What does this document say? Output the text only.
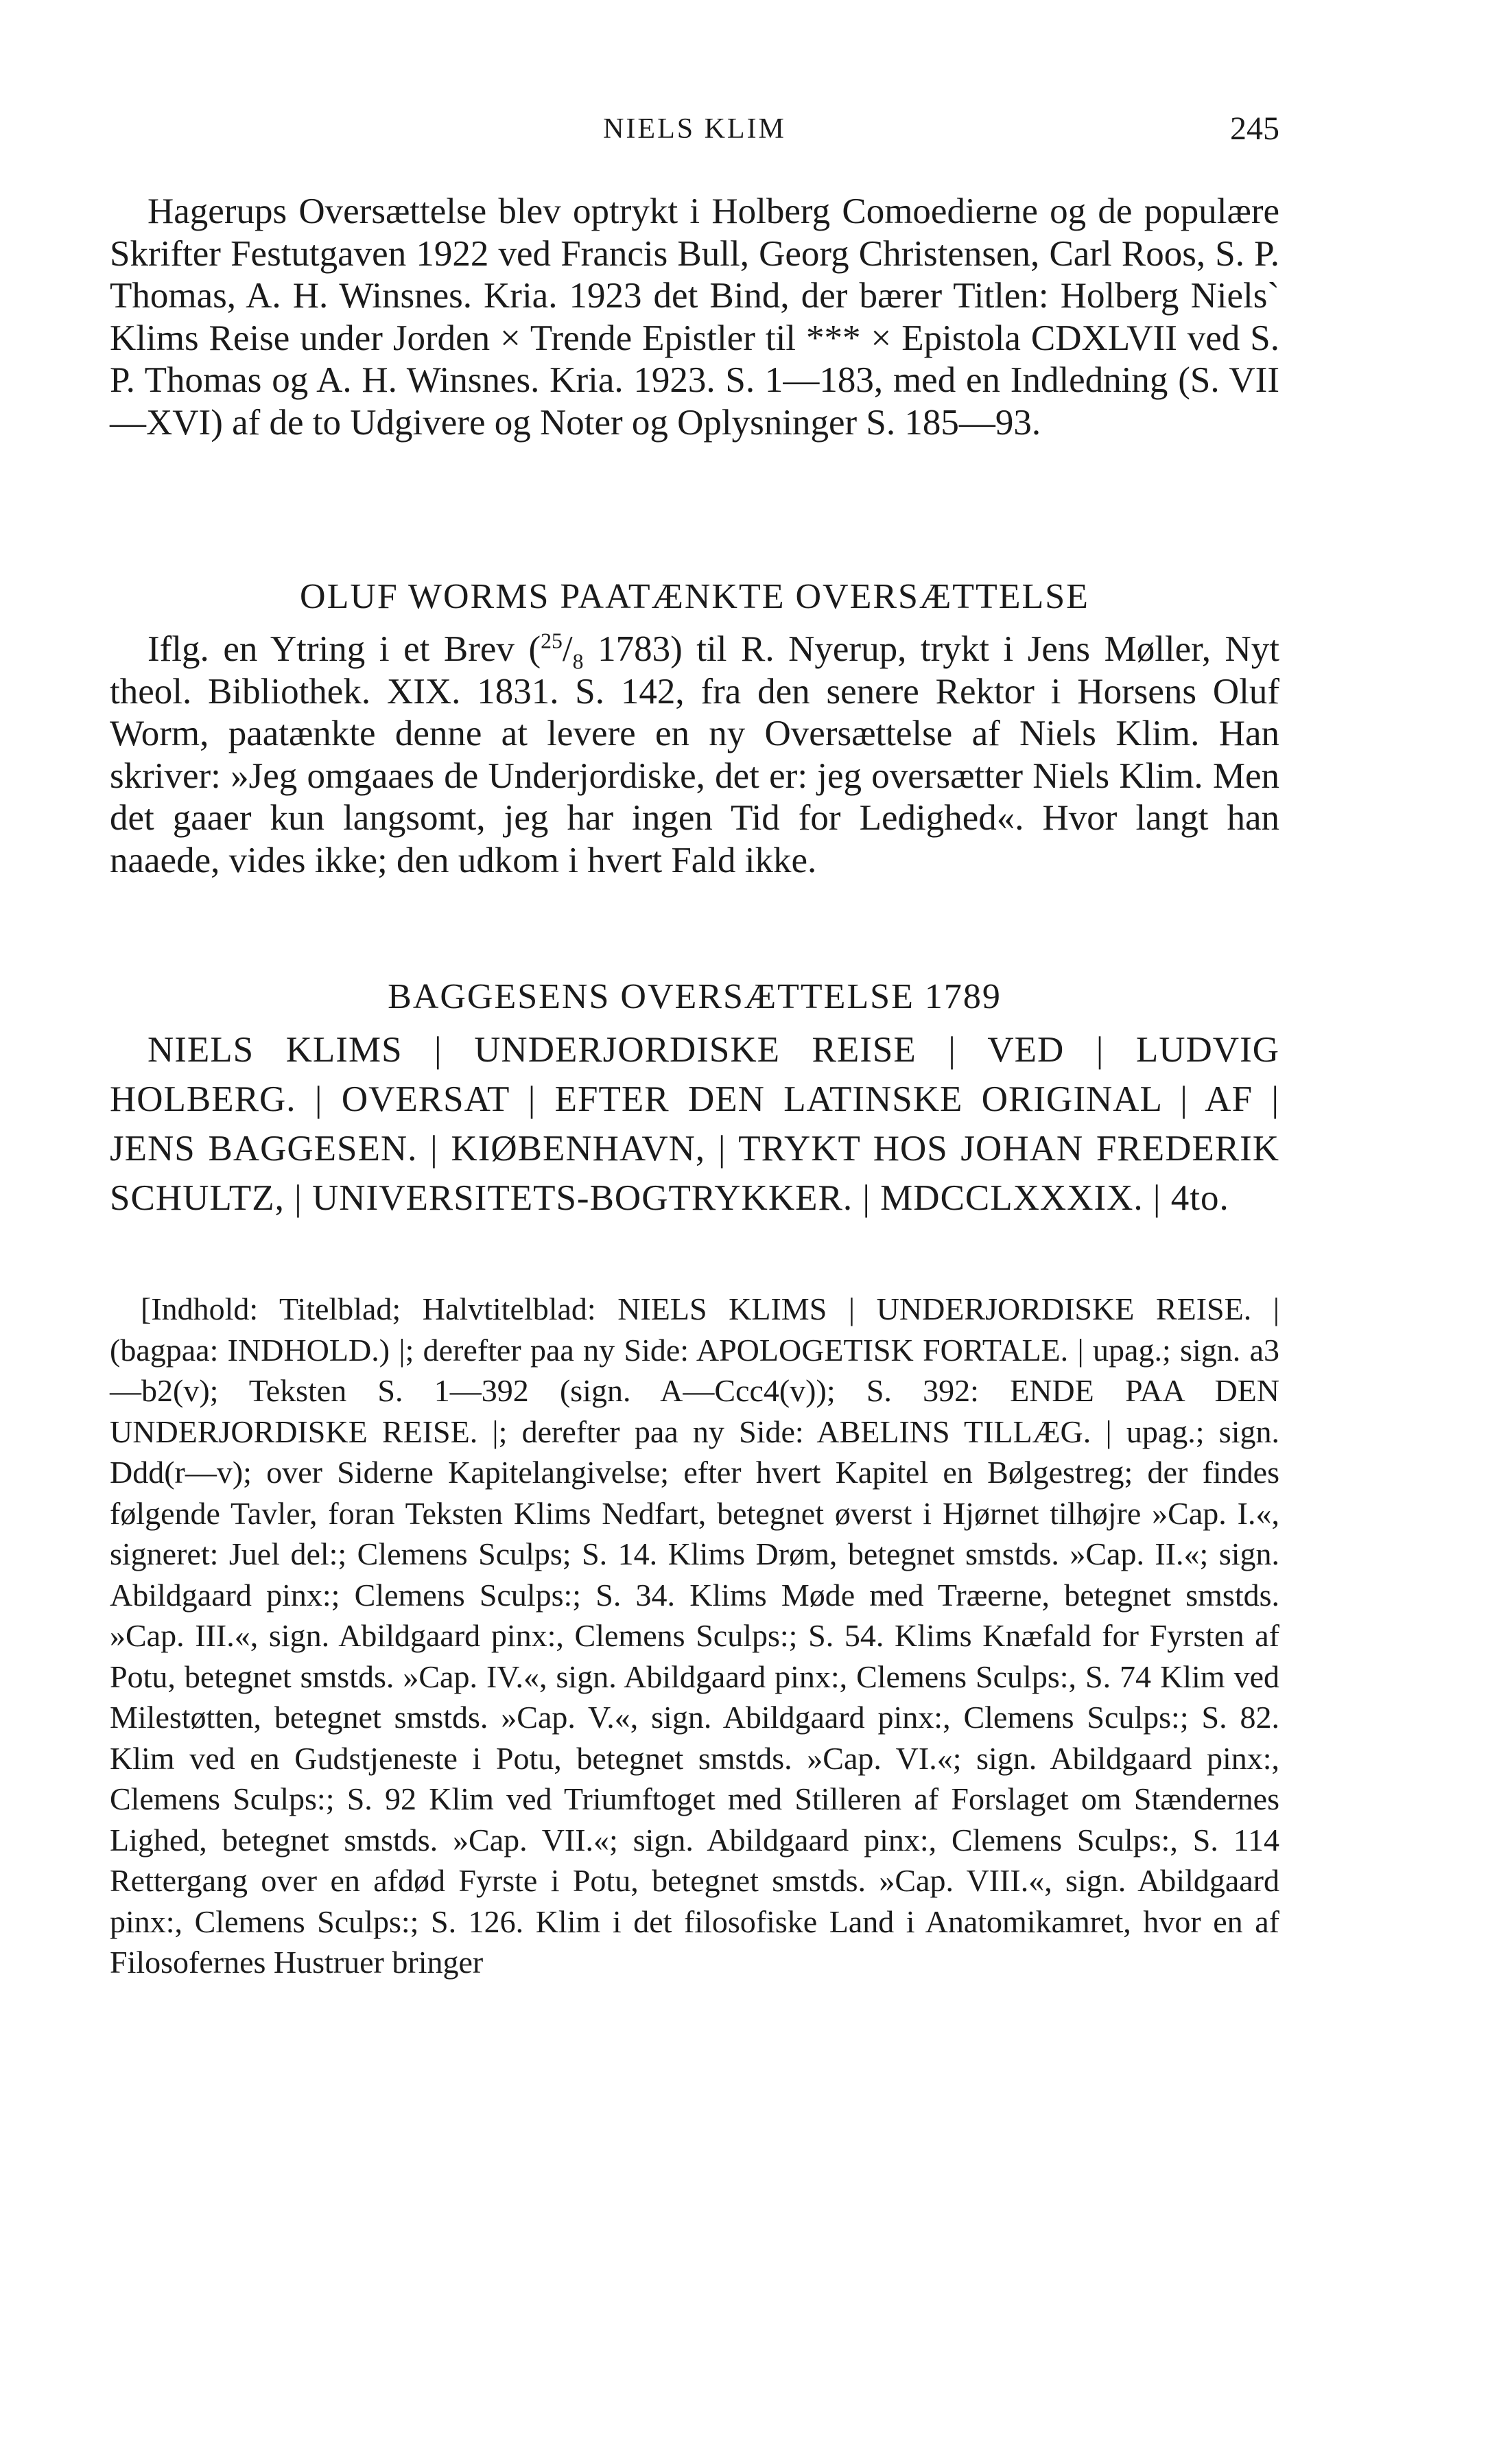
NIELS KLIM	245

Hagerups Oversættelse blev optrykt i Holberg Comoedierne og de populære Skrifter Festutgaven 1922 ved Francis Bull, Georg Christensen, Carl Roos, S. P. Thomas, A. H. Winsnes. Kria. 1923 det Bind, der bærer Titlen: Holberg Niels` Klims Reise under Jorden × Trende Epistler til *** × Epistola CDXLVII ved S. P. Thomas og A. H. Winsnes. Kria. 1923. S. 1—183, med en Indledning (S. VII—XVI) af de to Udgivere og Noter og Oplysninger S. 185—93.

OLUF WORMS PAATÆNKTE OVERSÆTTELSE

Iflg. en Ytring i et Brev ($^{25}/_8$ 1783) til R. Nyerup, trykt i Jens Møller, Nyt theol. Bibliothek. XIX. 1831. S. 142, fra den senere Rektor i Horsens Oluf Worm, paatænkte denne at levere en ny Oversættelse af Niels Klim. Han skriver: »Jeg omgaaes de Underjordiske, det er: jeg oversætter Niels Klim. Men det gaaer kun langsomt, jeg har ingen Tid for Ledighed«. Hvor langt han naaede, vides ikke; den udkom i hvert Fald ikke.

BAGGESENS OVERSÆTTELSE 1789

NIELS KLIMS | UNDERJORDISKE REISE | VED | LUDVIG HOLBERG. | OVERSAT | EFTER DEN LATINSKE ORIGINAL | AF | JENS BAGGESEN. | KIØBENHAVN, | TRYKT HOS JOHAN FREDERIK SCHULTZ, | UNIVERSITETS-BOGTRYKKER. | MDCCLXXXIX. | 4to.

[Indhold: Titelblad; Halvtitelblad: NIELS KLIMS | UNDERJORDISKE REISE. | (bagpaa: INDHOLD.) |; derefter paa ny Side: APOLOGETISK FORTALE. | upag.; sign. a3—b2(v); Teksten S. 1—392 (sign. A—Ccc4(v)); S. 392: ENDE PAA DEN UNDERJORDISKE REISE. |; derefter paa ny Side: ABELINS TILLÆG. | upag.; sign. Ddd(r—v); over Siderne Kapitelangivelse; efter hvert Kapitel en Bølgestreg; der findes følgende Tavler, foran Teksten Klims Nedfart, betegnet øverst i Hjørnet tilhøjre »Cap. I.«, signeret: Juel del:; Clemens Sculps; S. 14. Klims Drøm, betegnet smstds. »Cap. II.«; sign. Abildgaard pinx:; Clemens Sculps:; S. 34. Klims Møde med Træerne, betegnet smstds. »Cap. III.«, sign. Abildgaard pinx:, Clemens Sculps:; S. 54. Klims Knæfald for Fyrsten af Potu, betegnet smstds. »Cap. IV.«, sign. Abildgaard pinx:, Clemens Sculps:, S. 74 Klim ved Milestøtten, betegnet smstds. »Cap. V.«, sign. Abildgaard pinx:, Clemens Sculps:; S. 82. Klim ved en Gudstjeneste i Potu, betegnet smstds. »Cap. VI.«; sign. Abildgaard pinx:, Clemens Sculps:; S. 92 Klim ved Triumftoget med Stilleren af Forslaget om Stændernes Lighed, betegnet smstds. »Cap. VII.«; sign. Abildgaard pinx:, Clemens Sculps:, S. 114 Rettergang over en afdød Fyrste i Potu, betegnet smstds. »Cap. VIII.«, sign. Abildgaard pinx:, Clemens Sculps:; S. 126. Klim i det filosofiske Land i Anatomikamret, hvor en af Filosofernes Hustruer bringer
